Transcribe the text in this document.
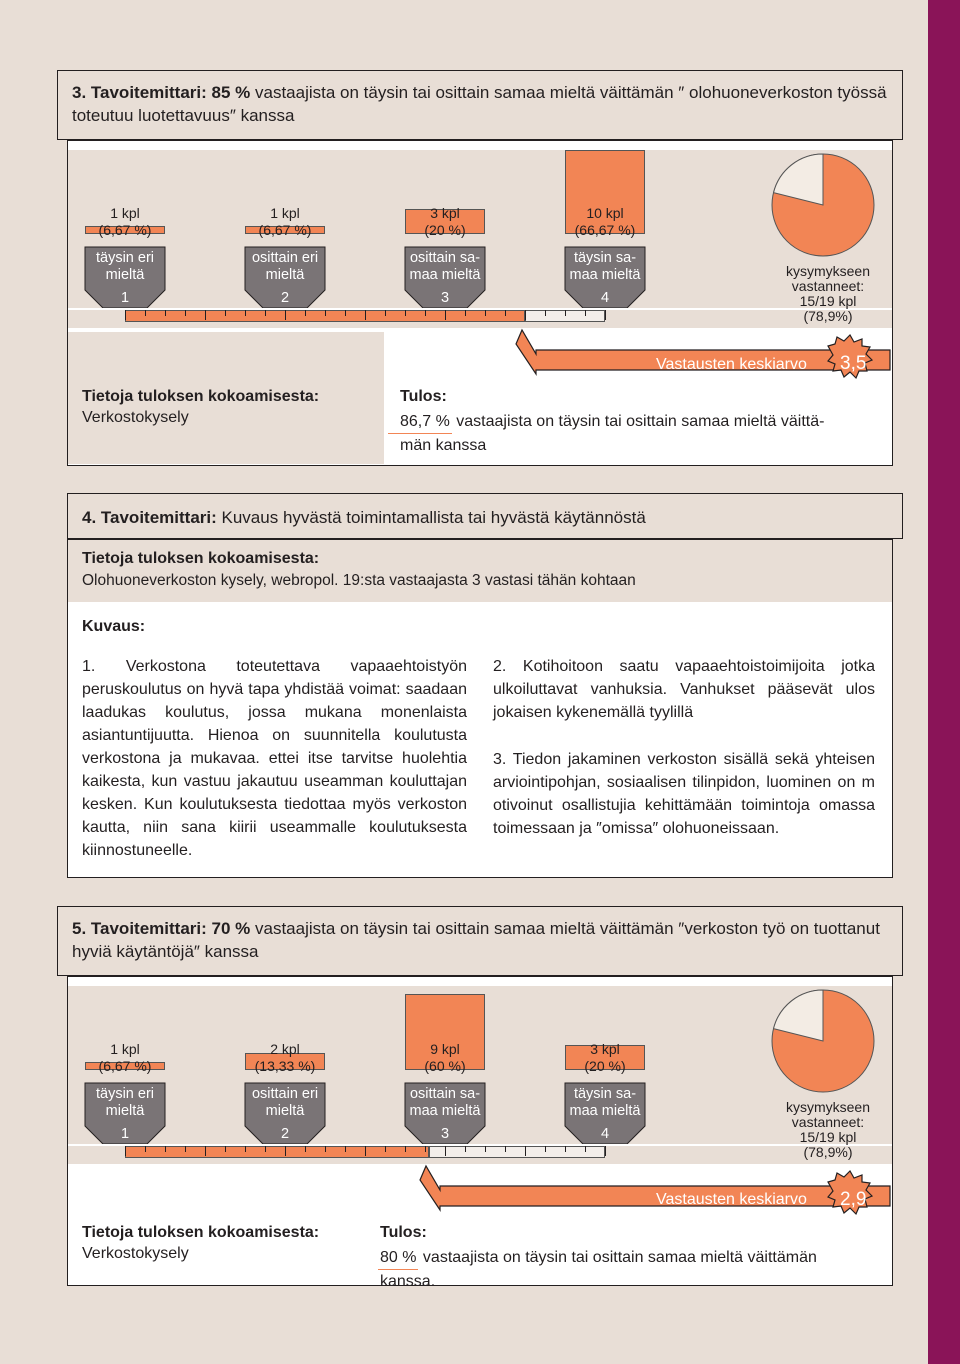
3. Tavoitemittari: 85 % vastaajista on täysin tai osittain samaa mieltä väittämän ″ olohuoneverkoston työssä toteutuu luotettavuus″ kanssa
1 kpl
(6,67 %)
täysin eri
mieltä
1
1 kpl
(6,67 %)
osittain eri
mieltä
2
3 kpl
(20 %)
osittain sa-
maa mieltä
3
10 kpl
(66,67 %)
täysin sa-
maa mieltä
4
kysymykseen
vastanneet:
15/19 kpl
(78,9%)
Vastausten keskiarvo 3,5
Tietoja tuloksen kokoamisesta:
Verkostokysely
Tulos:
86,7 % vastaajista on täysin tai osittain samaa mieltä väittä-
män kanssa
4. Tavoitemittari: Kuvaus hyvästä toimintamallista tai hyvästä käytännöstä
Tietoja tuloksen kokoamisesta:
Olohuoneverkoston kysely, webropol. 19:sta vastaajasta 3 vastasi tähän kohtaan
Kuvaus:
1. Verkostona toteutettava vapaaehtoistyön peruskoulutus on hyvä tapa yhdistää voimat: saadaan laadukas koulutus, jossa mukana monenlaista asiantuntijuutta. Hienoa on suunnitella koulutusta verkostona ja mukavaa. ettei itse tarvitse huolehtia kaikesta, kun vastuu jakautuu useamman kouluttajan kesken. Kun koulutuksesta tiedottaa myös verkoston kautta, niin sana kiirii useammalle koulutuksesta kiinnostuneelle.
2. Kotihoitoon saatu vapaaehtoistoimijoita jotka ulkoiluttavat vanhuksia. Vanhukset pääsevät ulos jokaisen kykenemällä tyylillä
3. Tiedon jakaminen verkoston sisällä sekä yhteisen arviointipohjan, sosiaalisen tilinpidon, luominen on m otivoinut osallistujia kehittämään toimintoja omassa toimessaan ja ″omissa″ olohuoneissaan.
5. Tavoitemittari: 70 % vastaajista on täysin tai osittain samaa mieltä väittämän ″verkoston työ on tuottanut hyviä käytäntöjä″ kanssa
1 kpl
(6,67 %)
täysin eri
mieltä
1
2 kpl
(13,33 %)
osittain eri
mieltä
2
9 kpl
(60 %)
osittain sa-
maa mieltä
3
3 kpl
(20 %)
täysin sa-
maa mieltä
4
kysymykseen
vastanneet:
15/19 kpl
(78,9%)
Vastausten keskiarvo 2,9
Tietoja tuloksen kokoamisesta:
Verkostokysely
Tulos:
80 % vastaajista on täysin tai osittain samaa mieltä väittämän
kanssa.
